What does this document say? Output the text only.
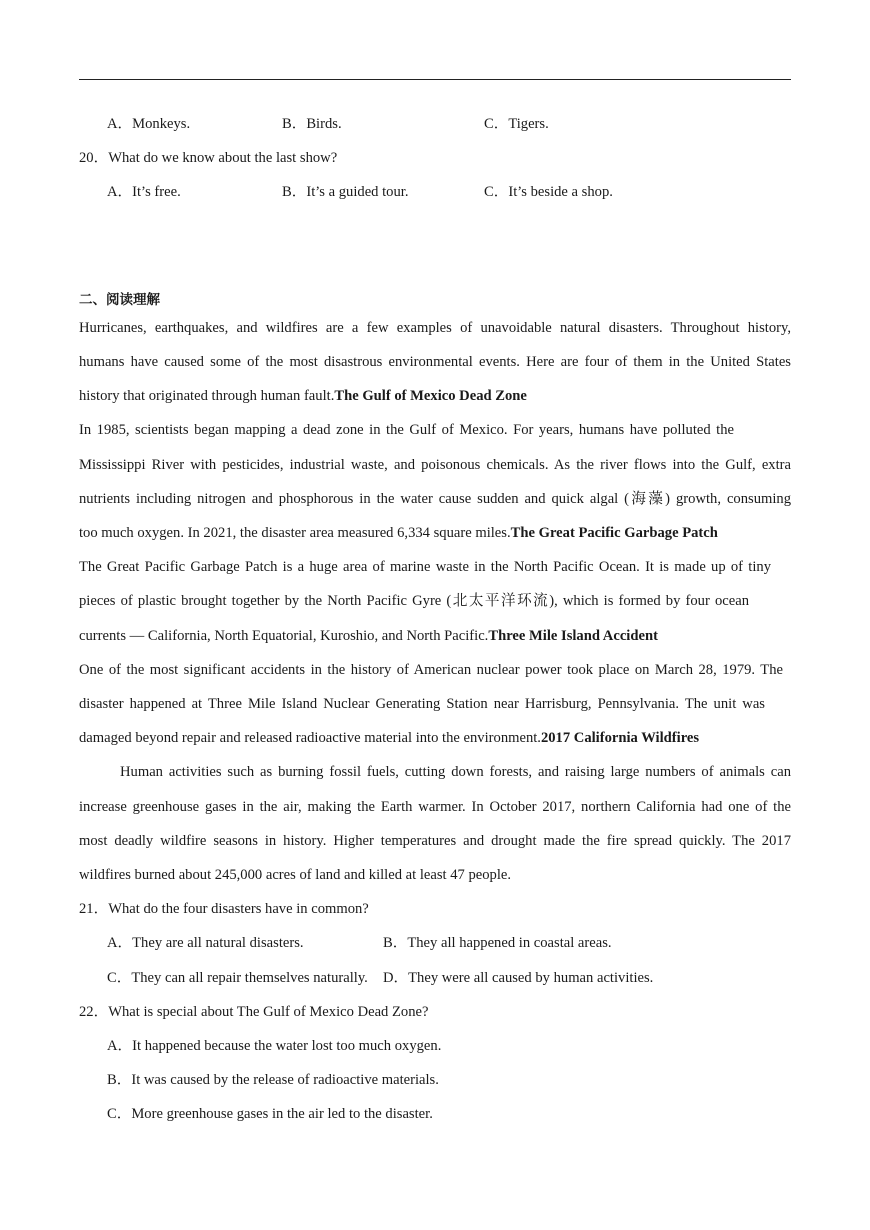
A．Monkeys.	B．Birds.	C．Tigers.
20．What do we know about the last show?
A．It’s free.	B．It’s a guided tour.	C．It’s beside a shop.
二、阅读理解
Hurricanes, earthquakes, and wildfires are a few examples of unavoidable natural disasters. Throughout history,
humans have caused some of the most disastrous environmental events. Here are four of them in the United States
history that originated through human fault.The Gulf of Mexico Dead Zone
In 1985, scientists began mapping a dead zone in the Gulf of Mexico. For years, humans have polluted the
Mississippi River with pesticides, industrial waste, and poisonous chemicals. As the river flows into the Gulf, extra
nutrients including nitrogen and phosphorous in the water cause sudden and quick algal (海藻) growth, consuming
too much oxygen. In 2021, the disaster area measured 6,334 square miles.The Great Pacific Garbage Patch
The Great Pacific Garbage Patch is a huge area of marine waste in the North Pacific Ocean. It is made up of tiny
pieces of plastic brought together by the North Pacific Gyre (北太平洋环流), which is formed by four ocean
currents — California, North Equatorial, Kuroshio, and North Pacific.Three Mile Island Accident
One of the most significant accidents in the history of American nuclear power took place on March 28, 1979. The
disaster happened at Three Mile Island Nuclear Generating Station near Harrisburg, Pennsylvania. The unit was
damaged beyond repair and released radioactive material into the environment.2017 California Wildfires
Human activities such as burning fossil fuels, cutting down forests, and raising large numbers of animals can
increase greenhouse gases in the air, making the Earth warmer. In October 2017, northern California had one of the
most deadly wildfire seasons in history. Higher temperatures and drought made the fire spread quickly. The 2017
wildfires burned about 245,000 acres of land and killed at least 47 people.
21．What do the four disasters have in common?
A．They are all natural disasters.	B．They all happened in coastal areas.
C．They can all repair themselves naturally. D．They were all caused by human activities.
22．What is special about The Gulf of Mexico Dead Zone?
A．It happened because the water lost too much oxygen.
B．It was caused by the release of radioactive materials.
C．More greenhouse gases in the air led to the disaster.
